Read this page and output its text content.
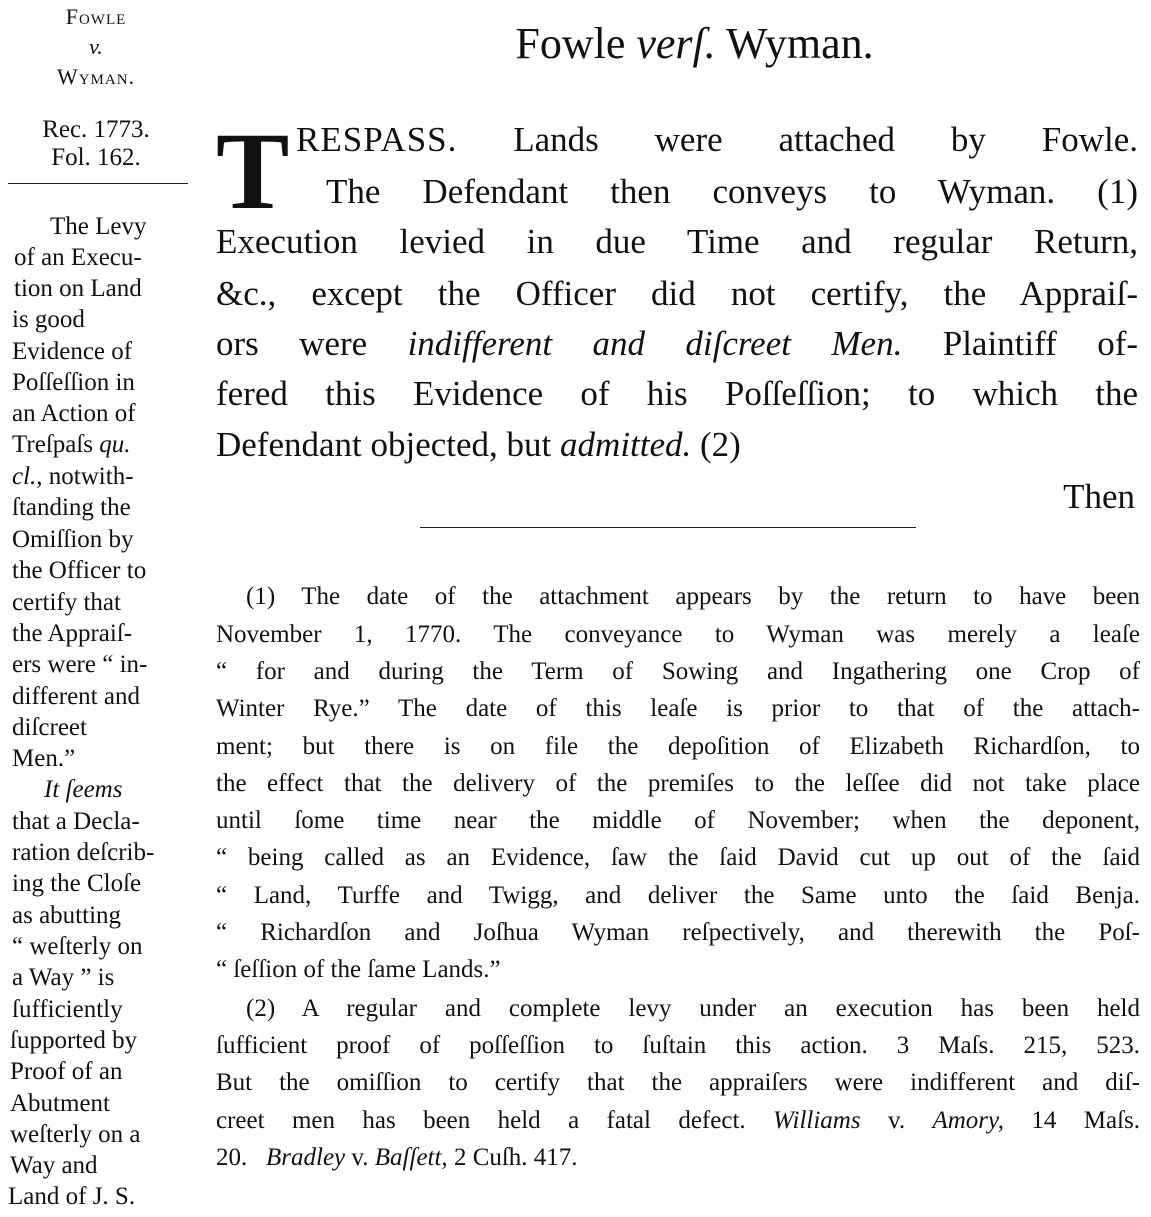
Fowle
v.
Wyman.
Rec. 1773.
Fol. 162.
The Levy
of an Execu-
tion on Land
is good
Evidence of
Poſſeſſion in
an Action of
Treſpaſs qu.
cl., notwith-
ſtanding the
Omiſſion by
the Officer to
certify that
the Appraiſ-
ers were “ in-
different and
diſcreet
Men.”
It ſeems
that a Decla-
ration deſcrib-
ing the Cloſe
as abutting
“ weſterly on
a Way ” is
ſufficiently
ſupported by
Proof of an
Abutment
weſterly on a
Way and
Land of J. S.
Fowle verſ. Wyman.
T RESPASS. Lands were attached by Fowle.
The Defendant then conveys to Wyman. (1)
Execution levied in due Time and regular Return,
&c., except the Officer did not certify, the Appraiſ-
ors were indifferent and diſcreet Men. Plaintiff of-
fered this Evidence of his Poſſeſſion; to which the
Defendant objected, but admitted. (2)
Then
(1) The date of the attachment appears by the return to have been
November 1, 1770. The conveyance to Wyman was merely a leaſe
“ for and during the Term of Sowing and Ingathering one Crop of
Winter Rye.” The date of this leaſe is prior to that of the attach-
ment; but there is on file the depoſition of Elizabeth Richardſon, to
the effect that the delivery of the premiſes to the leſſee did not take place
until ſome time near the middle of November; when the deponent,
“ being called as an Evidence, ſaw the ſaid David cut up out of the ſaid
“ Land, Turffe and Twigg, and deliver the Same unto the ſaid Benja.
“ Richardſon and Joſhua Wyman reſpectively, and therewith the Poſ-
“ ſeſſion of the ſame Lands.”
(2) A regular and complete levy under an execution has been held
ſufficient proof of poſſeſſion to ſuſtain this action. 3 Maſs. 215, 523.
But the omiſſion to certify that the appraiſers were indifferent and diſ-
creet men has been held a fatal defect. Williams v. Amory, 14 Maſs.
20. Bradley v. Baſſett, 2 Cuſh. 417.
